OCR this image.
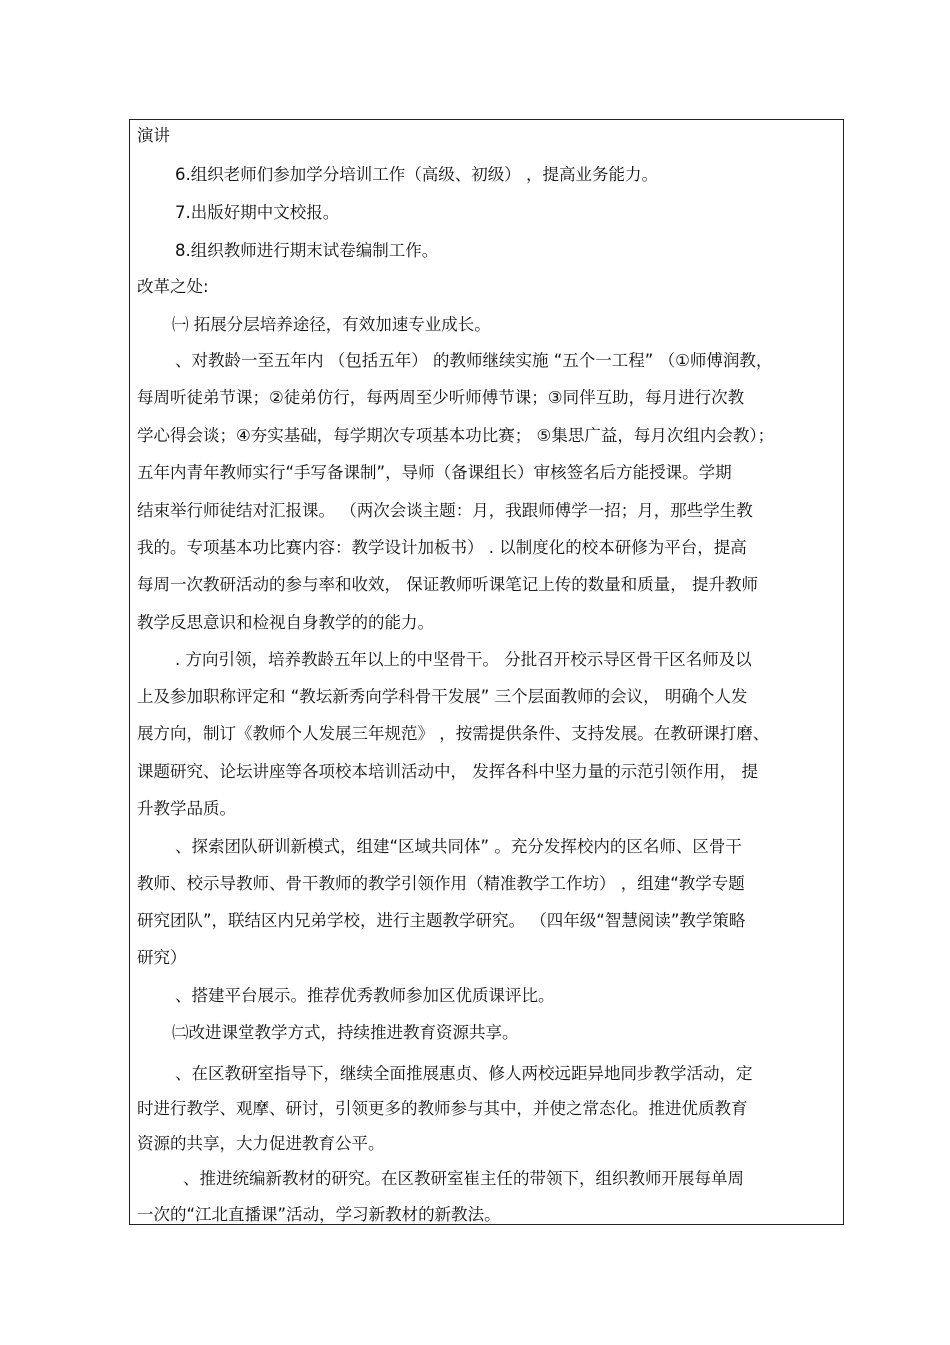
演讲
6.组织老师们参加学分培训工作（高级、初级） ，提高业务能力。
7.出版好期中文校报。
8.组织教师进行期末试卷编制工作。
改革之处:
㈠ 拓展分层培养途径，有效加速专业成长。
、对教龄一至五年内 （包括五年） 的教师继续实施 “五个一工程” （①师傅润教，
每周听徒弟节课；②徒弟仿行，每两周至少听师傅节课；③同伴互助，每月进行次教
学心得会谈；④夯实基础，每学期次专项基本功比赛； ⑤集思广益，每月次组内会教）；
五年内青年教师实行“手写备课制”，导师（备课组长）审核签名后方能授课。学期
结束举行师徒结对汇报课。 （两次会谈主题：月，我跟师傅学一招；月，那些学生教
我的。专项基本功比赛内容：教学设计加板书） . 以制度化的校本研修为平台，提高
每周一次教研活动的参与率和收效， 保证教师听课笔记上传的数量和质量， 提升教师
教学反思意识和检视自身教学的的能力。
. 方向引领，培养教龄五年以上的中坚骨干。 分批召开校示导区骨干区名师及以
上及参加职称评定和 “教坛新秀向学科骨干发展” 三个层面教师的会议， 明确个人发
展方向，制订《教师个人发展三年规范》 ，按需提供条件、支持发展。在教研课打磨、
课题研究、论坛讲座等各项校本培训活动中， 发挥各科中坚力量的示范引领作用， 提
升教学品质。
、探索团队研训新模式，组建“区域共同体” 。充分发挥校内的区名师、区骨干
教师、校示导教师、骨干教师的教学引领作用（精准教学工作坊） ，组建“教学专题
研究团队”，联结区内兄弟学校，进行主题教学研究。 （四年级“智慧阅读”教学策略
研究）
、搭建平台展示。推荐优秀教师参加区优质课评比。
㈡改进课堂教学方式，持续推进教育资源共享。
、在区教研室指导下，继续全面推展惠贞、修人两校远距异地同步教学活动，定
时进行教学、观摩、研讨，引领更多的教师参与其中，并使之常态化。推进优质教育
资源的共享，大力促进教育公平。
、推进统编新教材的研究。在区教研室崔主任的带领下，组织教师开展每单周
一次的“江北直播课”活动，学习新教材的新教法。
